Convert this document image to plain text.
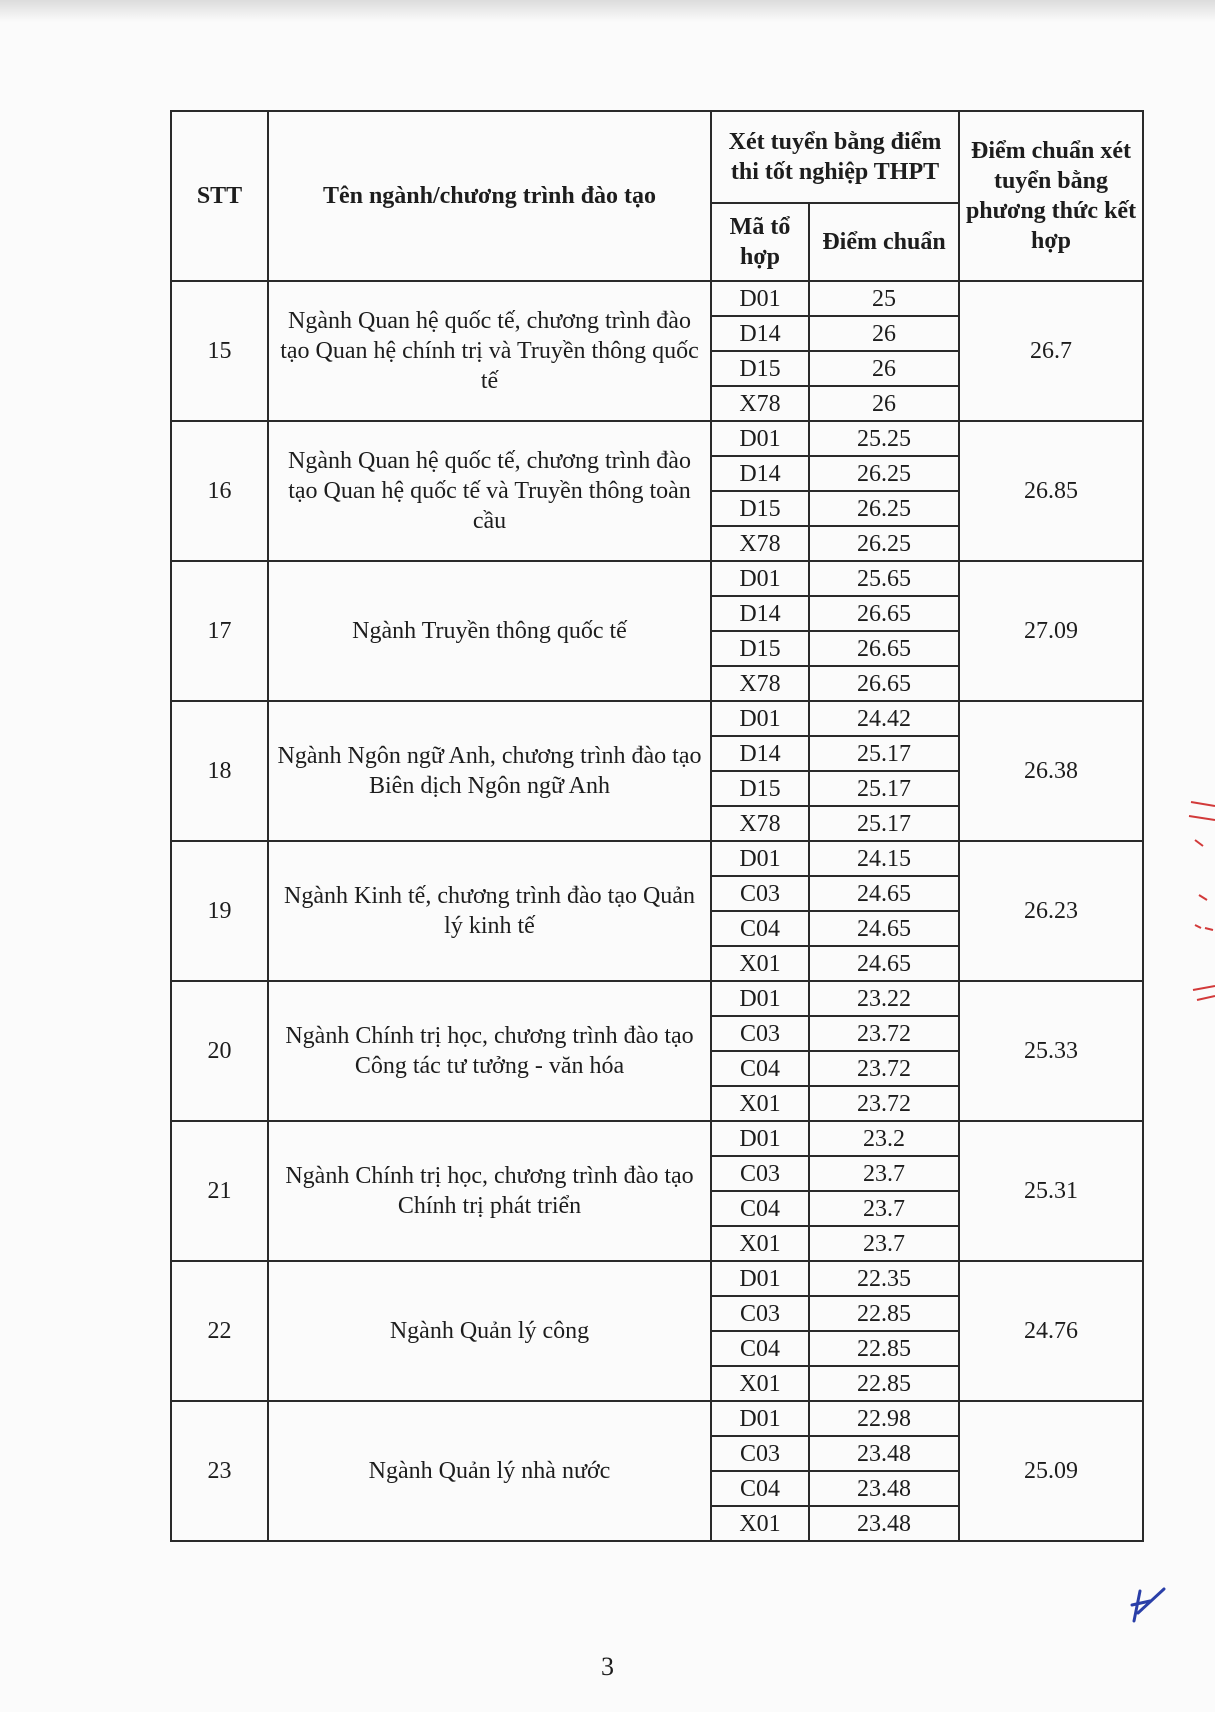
STT	Tên ngành/chương trình đào tạo	Xét tuyển bằng điểm thi tốt nghiệp THPT		Điểm chuẩn xét tuyển bằng phương thức kết hợp
		Mã tổ hợp	Điểm chuẩn	
15	Ngành Quan hệ quốc tế, chương trình đào tạo Quan hệ chính trị và Truyền thông quốc tế	D01	25	26.7
		D14	26	
		D15	26	
		X78	26	
16	Ngành Quan hệ quốc tế, chương trình đào tạo Quan hệ quốc tế và Truyền thông toàn cầu	D01	25.25	26.85
		D14	26.25	
		D15	26.25	
		X78	26.25	
17	Ngành Truyền thông quốc tế	D01	25.65	27.09
		D14	26.65	
		D15	26.65	
		X78	26.65	
18	Ngành Ngôn ngữ Anh, chương trình đào tạo Biên dịch Ngôn ngữ Anh	D01	24.42	26.38
		D14	25.17	
		D15	25.17	
		X78	25.17	
19	Ngành Kinh tế, chương trình đào tạo Quản lý kinh tế	D01	24.15	26.23
		C03	24.65	
		C04	24.65	
		X01	24.65	
20	Ngành Chính trị học, chương trình đào tạo Công tác tư tưởng - văn hóa	D01	23.22	25.33
		C03	23.72	
		C04	23.72	
		X01	23.72	
21	Ngành Chính trị học, chương trình đào tạo Chính trị phát triển	D01	23.2	25.31
		C03	23.7	
		C04	23.7	
		X01	23.7	
22	Ngành Quản lý công	D01	22.35	24.76
		C03	22.85	
		C04	22.85	
		X01	22.85	
23	Ngành Quản lý nhà nước	D01	22.98	25.09
		C03	23.48	
		C04	23.48	
		X01	23.48	
3
